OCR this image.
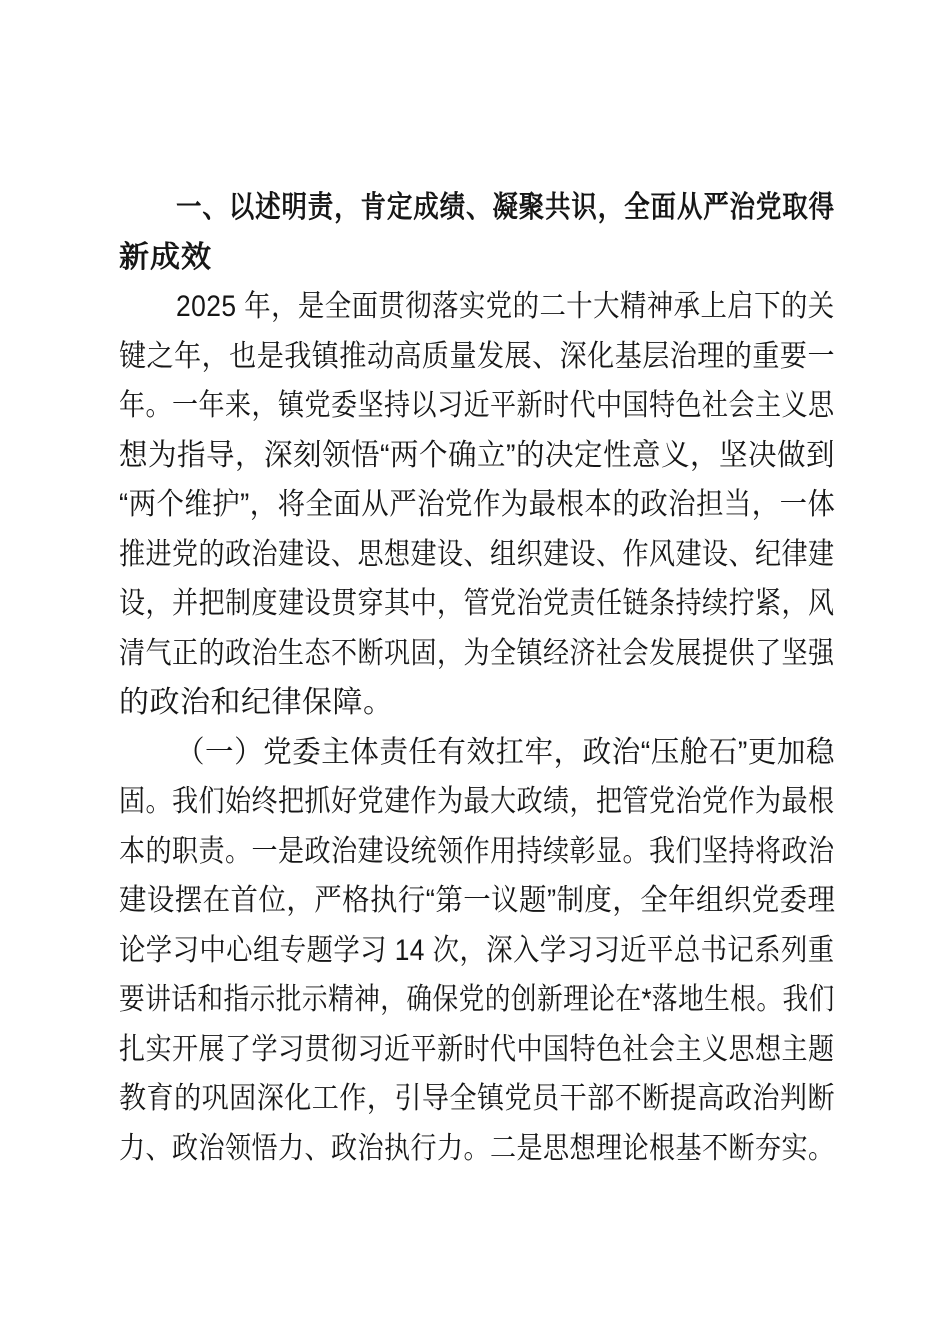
一、以述明责，肯定成绩、凝聚共识，全面从严治党取得
新成效
2025 年，是全面贯彻落实党的二十大精神承上启下的关
键之年，也是我镇推动高质量发展、深化基层治理的重要一
年。一年来，镇党委坚持以习近平新时代中国特色社会主义思
想为指导，深刻领悟“两个确立”的决定性意义，坚决做到
“两个维护”，将全面从严治党作为最根本的政治担当，一体
推进党的政治建设、思想建设、组织建设、作风建设、纪律建
设，并把制度建设贯穿其中，管党治党责任链条持续拧紧，风
清气正的政治生态不断巩固，为全镇经济社会发展提供了坚强
的政治和纪律保障。
（一）党委主体责任有效扛牢，政治“压舱石”更加稳
固。我们始终把抓好党建作为最大政绩，把管党治党作为最根
本的职责。一是政治建设统领作用持续彰显。我们坚持将政治
建设摆在首位，严格执行“第一议题”制度，全年组织党委理
论学习中心组专题学习 14 次，深入学习习近平总书记系列重
要讲话和指示批示精神，确保党的创新理论在*落地生根。我们
扎实开展了学习贯彻习近平新时代中国特色社会主义思想主题
教育的巩固深化工作，引导全镇党员干部不断提高政治判断
力、政治领悟力、政治执行力。二是思想理论根基不断夯实。
